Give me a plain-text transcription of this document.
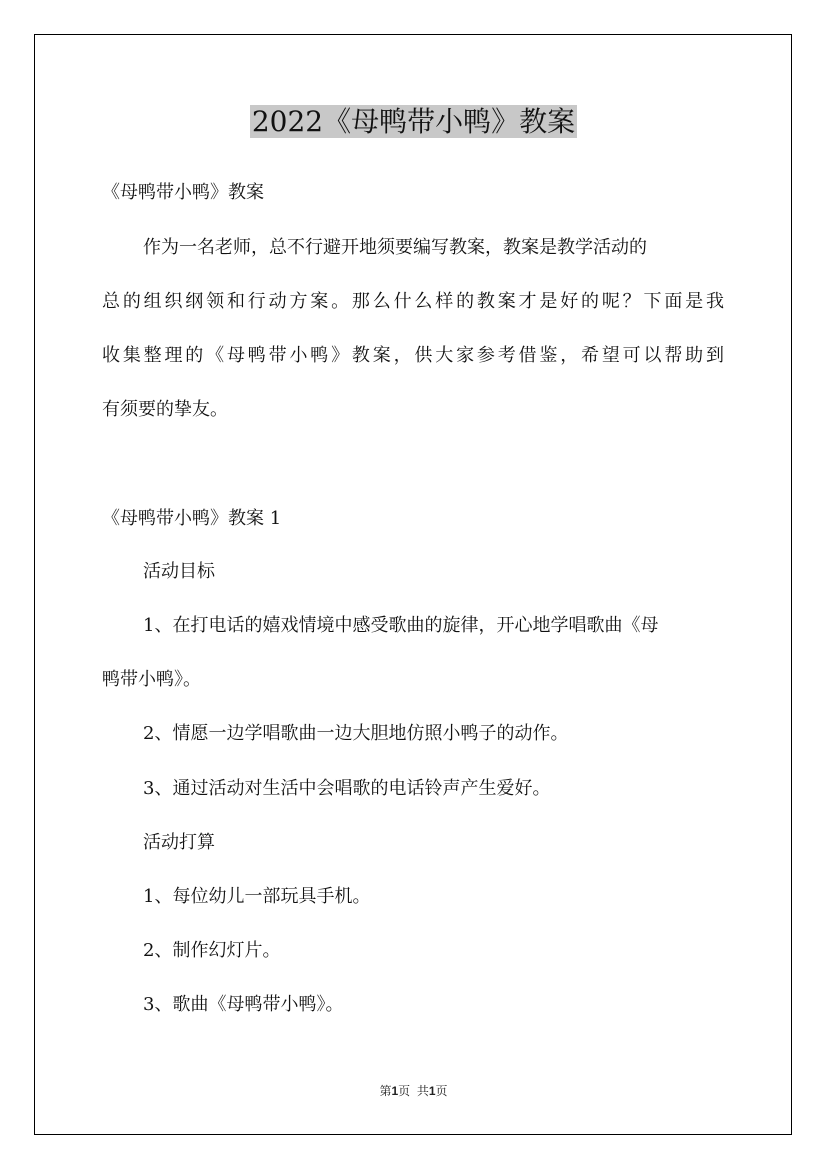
2022《母鸭带小鸭》教案
《母鸭带小鸭》教案
作为一名老师，总不行避开地须要编写教案，教案是教学活动的
总的组织纲领和行动方案。那么什么样的教案才是好的呢？下面是我
收集整理的《母鸭带小鸭》教案，供大家参考借鉴，希望可以帮助到
有须要的挚友。
《母鸭带小鸭》教案 1
活动目标
1、在打电话的嬉戏情境中感受歌曲的旋律，开心地学唱歌曲《母
鸭带小鸭》。
2、情愿一边学唱歌曲一边大胆地仿照小鸭子的动作。
3、通过活动对生活中会唱歌的电话铃声产生爱好。
活动打算
1、每位幼儿一部玩具手机。
2、制作幻灯片。
3、歌曲《母鸭带小鸭》。
第1页 共1页
